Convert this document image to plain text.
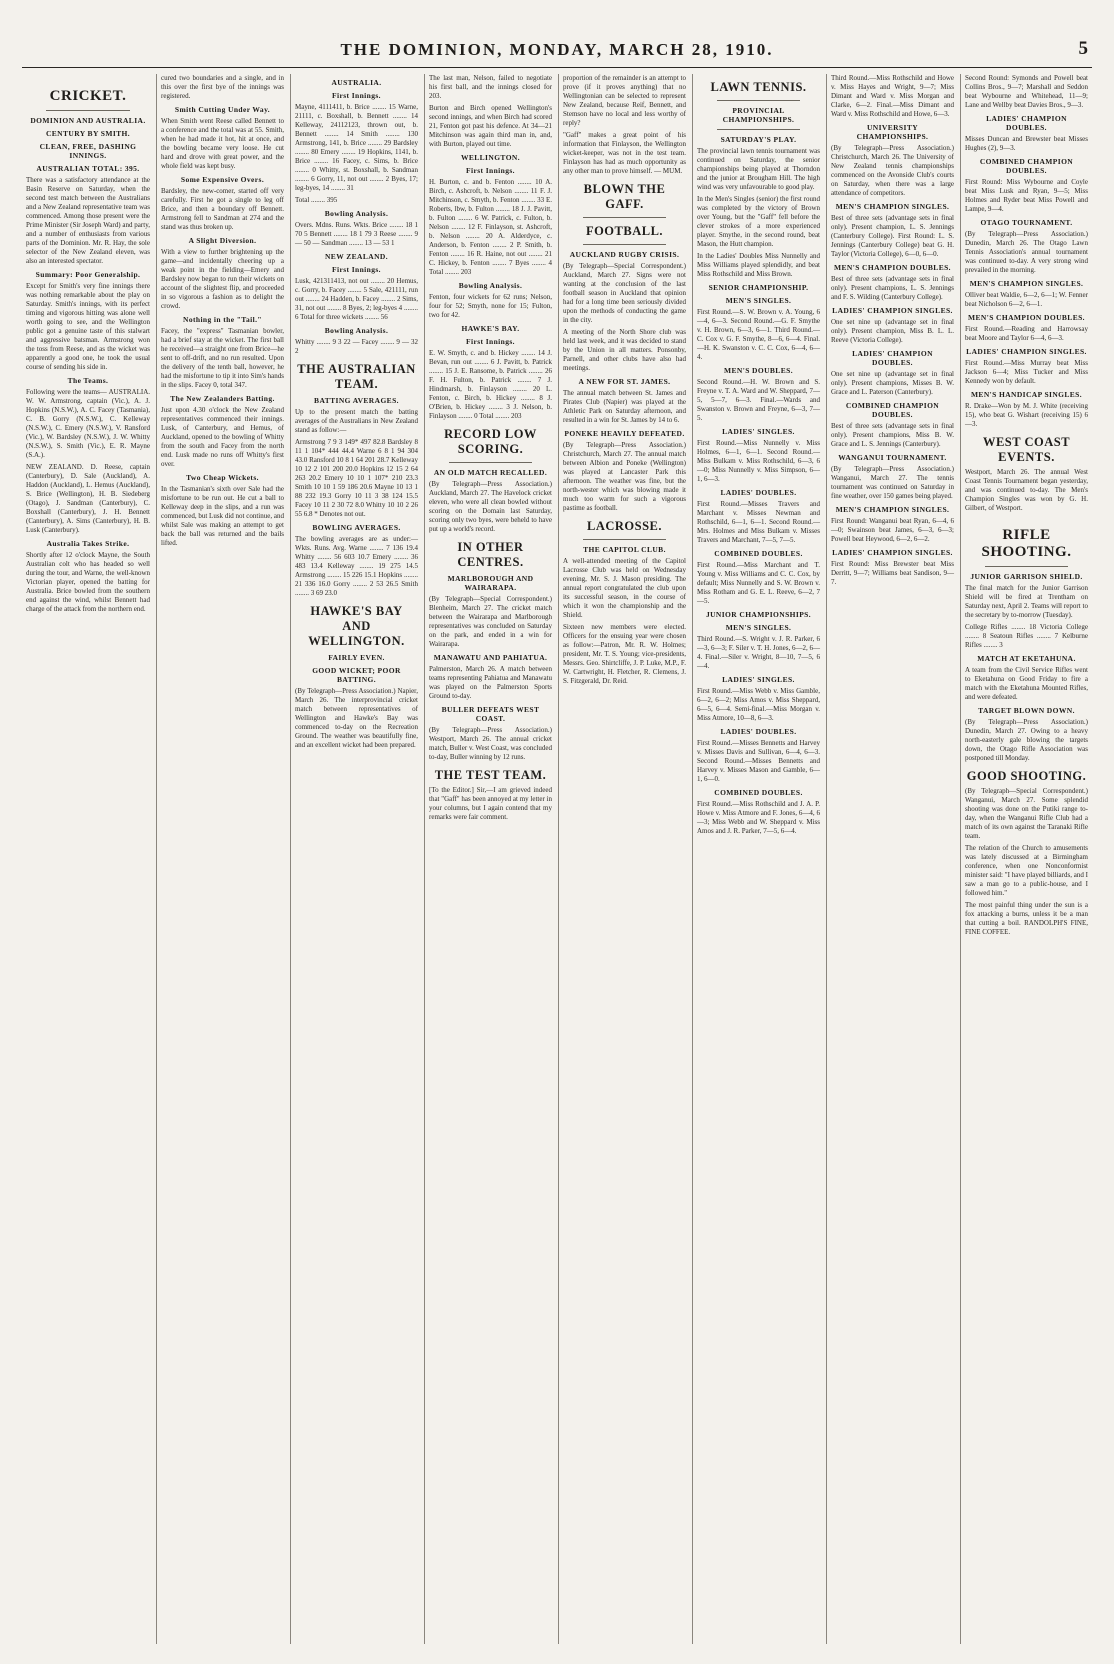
THE DOMINION, MONDAY, MARCH 28, 1910.	5
CRICKET.
DOMINION AND AUSTRALIA.
CENTURY BY SMITH.
CLEAN, FREE, DASHING INNINGS.
AUSTRALIAN TOTAL: 395.
There was a satisfactory attendance at the Basin Reserve on Saturday, when the second test match between the Australians and a New Zealand representative team was commenced. Among those present were the Prime Minister (Sir Joseph Ward) and party, and a number of enthusiasts from various parts of the Dominion. Mr. R. Hay, the sole selector of the New Zealand eleven, was also an interested spectator.
Summary: Poor Generalship.
Except for Smith's very fine innings there was nothing remarkable about the play on Saturday. Smith's innings, with its perfect timing and vigorous hitting was alone well worth going to see, and the Wellington public got a genuine taste of this stalwart and aggressive batsman. Armstrong won the toss from Reese, and as the wicket was apparently a good one, he took the usual course of sending his side in.
The Teams.
Following were the teams— AUSTRALIA. W. W. Armstrong, captain (Vic.), A. J. Hopkins (N.S.W.), A. C. Facey (Tasmania), C. B. Gorry (N.S.W.), C. Kelleway (N.S.W.), C. Emery (N.S.W.), V. Ransford (Vic.), W. Bardsley (N.S.W.), J. W. Whitty (N.S.W.), S. Smith (Vic.), E. R. Mayne (S.A.).
NEW ZEALAND. D. Reese, captain (Canterbury), D. Sale (Auckland), A. Haddon (Auckland), L. Hemus (Auckland), S. Brice (Wellington), H. B. Siedeberg (Otago), J. Sandman (Canterbury), C. Boxshall (Canterbury), J. H. Bennett (Canterbury), A. Sims (Canterbury), H. B. Lusk (Canterbury).
Australia Takes Strike.
Shortly after 12 o'clock Mayne, the South Australian colt who has headed so well during the tour, and Warne, the well-known Victorian player, opened the batting for Australia. Brice bowled from the southern end against the wind, whilst Bennett had charge of the attack from the northern end.
cured two boundaries and a single, and in this over the first bye of the innings was registered.
Smith Cutting Under Way.
When Smith went Reese called Bennett to a conference and the total was at 55. Smith, when he had made it hot, hit at once, and the bowling became very loose. He cut hard and drove with great power, and the whole field was kept busy.
Some Expensive Overs.
Bardsley, the new-comer, started off very carefully. First he got a single to leg off Brice, and then a boundary off Bennett. Armstrong fell to Sandman at 274 and the stand was thus broken up.
A Slight Diversion.
With a view to further brightening up the game—and incidentally cheering up a weak point in the fielding—Emery and Bardsley now began to run their wickets on account of the slightest flip, and proceeded in so vigorous a fashion as to delight the crowd.
Nothing in the "Tail."
Facey, the "express" Tasmanian bowler, had a brief stay at the wicket. The first ball he received—a straight one from Brice—he sent to off-drift, and no run resulted. Upon the delivery of the tenth ball, however, he had the misfortune to tip it into Sim's hands in the slips. Facey 0, total 347.
The New Zealanders Batting.
Just upon 4.30 o'clock the New Zealand representatives commenced their innings. Lusk, of Canterbury, and Hemus, of Auckland, opened to the bowling of Whitty from the south and Facey from the north end. Lusk made no runs off Whitty's first over.
Two Cheap Wickets.
In the Tasmanian's sixth over Sale had the misfortune to be run out. He cut a ball to Kelleway deep in the slips, and a run was commenced, but Lusk did not continue, and whilst Sale was making an attempt to get back the ball was returned and the bails lifted.
AUSTRALIA.
First Innings.
Mayne, 4111411, b. Brice ........ 15 Warne, 21111, c. Boxshall, b. Bennett ........ 14 Kelleway, 24112123, thrown out, b. Bennett ........ 14 Smith ........ 130 Armstrong, 141, b. Brice ........ 29 Bardsley ........ 80 Emery ........ 19 Hopkins, 1141, b. Brice ........ 16 Facey, c. Sims, b. Brice ........ 0 Whitty, st. Boxshall, b. Sandman ........ 6 Gorry, 11, not out ........ 2 Byes, 17; leg-byes, 14 ........ 31
Total ........ 395
Bowling Analysis.
Overs. Mdns. Runs. Wkts. Brice ........ 18 1 70 5 Bennett ........ 18 1 79 3 Reese ........ 9 — 50 — Sandman ........ 13 — 53 1
NEW ZEALAND.
First Innings.
Lusk, 421311413, not out ........ 20 Hemus, c. Gorry, b. Facey ........ 5 Sale, 421111, run out ........ 24 Hadden, b. Facey ........ 2 Sims, 31, not out ........ 8 Byes, 2; leg-byes 4 ........ 6 Total for three wickets ........ 56
Bowling Analysis.
Whitty ........ 9 3 22 — Facey ........ 9 — 32 2
THE AUSTRALIAN TEAM.
BATTING AVERAGES.
Up to the present match the batting averages of the Australians in New Zealand stand as follow:—
Armstrong 7 9 3 149* 497 82.8 Bardsley 8 11 1 104* 444 44.4 Warne 6 8 1 94 304 43.0 Ransford 10 8 1 64 201 28.7 Kelleway 10 12 2 101 200 20.0 Hopkins 12 15 2 64 263 20.2 Emery 10 10 1 107* 210 23.3 Smith 10 10 1 59 186 20.6 Mayne 10 13 1 88 232 19.3 Gorry 10 11 3 38 124 15.5 Facey 10 11 2 30 72 8.0 Whitty 10 10 2 26 55 6.8 * Denotes not out.
BOWLING AVERAGES.
The bowling averages are as under:— Wkts. Runs. Avg. Warne ........ 7 136 19.4 Whitty ........ 56 603 10.7 Emery ........ 36 483 13.4 Kelleway ........ 19 275 14.5 Armstrong ........ 15 226 15.1 Hopkins ........ 21 336 16.0 Gorry ........ 2 53 26.5 Smith ........ 3 69 23.0
HAWKE'S BAY AND WELLINGTON.
FAIRLY EVEN.
GOOD WICKET; POOR BATTING.
(By Telegraph—Press Association.) Napier, March 26. The interprovincial cricket match between representatives of Wellington and Hawke's Bay was commenced to-day on the Recreation Ground. The weather was beautifully fine, and an excellent wicket had been prepared.
The last man, Nelson, failed to negotiate his first ball, and the innings closed for 203.
Burton and Birch opened Wellington's second innings, and when Birch had scored 21, Fenton got past his defence. At 34—21 Mitchinson was again third man in, and, with Burton, played out time.
WELLINGTON.
First Innings.
H. Burton, c. and b. Fenton ........ 10 A. Birch, c. Ashcroft, b. Nelson ........ 11 F. J. Mitchinson, c. Smyth, b. Fenton ........ 33 E. Roberts, lbw, b. Fulton ........ 18 J. J. Pavitt, b. Fulton ........ 6 W. Patrick, c. Fulton, b. Nelson ........ 12 F. Finlayson, st. Ashcroft, b. Nelson ........ 20 A. Alderdyce, c. Anderson, b. Fenton ........ 2 P. Smith, b. Fenton ........ 16 R. Haine, not out ........ 21 C. Hickey, b. Fenton ........ 7 Byes ........ 4 Total ........ 203
Bowling Analysis.
Fenton, four wickets for 62 runs; Nelson, four for 52; Smyth, none for 15; Fulton, two for 42.
HAWKE'S BAY.
First Innings.
E. W. Smyth, c. and b. Hickey ........ 14 J. Bevan, run out ........ 6 J. Pavitt, b. Patrick ........ 15 J. E. Ransome, b. Patrick ........ 26 F. H. Fulton, b. Patrick ........ 7 J. Hindmarsh, b. Finlayson ........ 20 L. Fenton, c. Birch, b. Hickey ........ 8 J. O'Brien, b. Hickey ........ 3 J. Nelson, b. Finlayson ........ 0 Total ........ 203
RECORD LOW SCORING.
AN OLD MATCH RECALLED.
(By Telegraph—Press Association.) Auckland, March 27. The Havelock cricket eleven, who were all clean bowled without scoring on the Domain last Saturday, scoring only two byes, were beheld to have put up a world's record.
IN OTHER CENTRES.
MARLBOROUGH AND WAIRARAPA.
(By Telegraph—Special Correspondent.) Blenheim, March 27. The cricket match between the Wairarapa and Marlborough representatives was concluded on Saturday on the park, and ended in a win for Wairarapa.
MANAWATU AND PAHIATUA.
Palmerston, March 26. A match between teams representing Pahiatua and Manawatu was played on the Palmerston Sports Ground to-day.
BULLER DEFEATS WEST COAST.
(By Telegraph—Press Association.) Westport, March 26. The annual cricket match, Buller v. West Coast, was concluded to-day, Buller winning by 12 runs.
THE TEST TEAM.
[To the Editor.] Sir,—I am grieved indeed that "Gaff" has been annoyed at my letter in your columns, but I again contend that my remarks were fair comment.
proportion of the remainder is an attempt to prove (if it proves anything) that no Wellingtonian can be selected to represent New Zealand, because Reif, Bennett, and Stemson have no local and less worthy of reply?
"Gaff" makes a great point of his information that Finlayson, the Wellington wicket-keeper, was not in the test team. Finlayson has had as much opportunity as any other man to prove himself. — MUM.
BLOWN THE GAFF.
FOOTBALL.
AUCKLAND RUGBY CRISIS.
(By Telegraph—Special Correspondent.) Auckland, March 27. Signs were not wanting at the conclusion of the last football season in Auckland that opinion had for a long time been seriously divided upon the methods of conducting the game in the city.
A meeting of the North Shore club was held last week, and it was decided to stand by the Union in all matters. Ponsonby, Parnell, and other clubs have also had meetings.
A NEW FOR ST. JAMES.
The annual match between St. James and Pirates Club (Napier) was played at the Athletic Park on Saturday afternoon, and resulted in a win for St. James by 14 to 6.
PONEKE HEAVILY DEFEATED.
(By Telegraph—Press Association.) Christchurch, March 27. The annual match between Albion and Poneke (Wellington) was played at Lancaster Park this afternoon. The weather was fine, but the north-wester which was blowing made it much too warm for such a vigorous pastime as football.
LACROSSE.
THE CAPITOL CLUB.
A well-attended meeting of the Capitol Lacrosse Club was held on Wednesday evening, Mr. S. J. Mason presiding. The annual report congratulated the club upon its successful season, in the course of which it won the championship and the Shield.
Sixteen new members were elected. Officers for the ensuing year were chosen as follow:—Patron, Mr. R. W. Holmes; president, Mr. T. S. Young; vice-presidents, Messrs. Geo. Shirtcliffe, J. P. Luke, M.P., F. W. Cartwright, H. Fletcher, R. Clemens, J. S. Fitzgerald, Dr. Reid.
LAWN TENNIS.
PROVINCIAL CHAMPIONSHIPS.
SATURDAY'S PLAY.
The provincial lawn tennis tournament was continued on Saturday, the senior championships being played at Thorndon and the junior at Brougham Hill. The high wind was very unfavourable to good play.
In the Men's Singles (senior) the first round was completed by the victory of Brown over Young, but the "Gaff" fell before the clever strokes of a more experienced player. Smythe, in the second round, beat Mason, the Hutt champion.
In the Ladies' Doubles Miss Nunnelly and Miss Williams played splendidly, and beat Miss Rothschild and Miss Brown.
SENIOR CHAMPIONSHIP.
MEN'S SINGLES.
First Round.—S. W. Brown v. A. Young, 6—4, 6—3. Second Round.—G. F. Smythe v. H. Brown, 6—3, 6—1. Third Round.—C. Cox v. G. F. Smythe, 8—6, 6—4. Final.—H. K. Swanston v. C. C. Cox, 6—4, 6—4.
MEN'S DOUBLES.
Second Round.—H. W. Brown and S. Freyne v. T. A. Ward and W. Sheppard, 7—5, 5—7, 6—3. Final.—Wards and Swanston v. Brown and Freyne, 6—3, 7—5.
LADIES' SINGLES.
First Round.—Miss Nunnelly v. Miss Holmes, 6—1, 6—1. Second Round.—Miss Bulkam v. Miss Rothschild, 6—3, 6—0; Miss Nunnelly v. Miss Simpson, 6—1, 6—3.
LADIES' DOUBLES.
First Round.—Misses Travers and Marchant v. Misses Newman and Rothschild, 6—1, 6—1. Second Round.—Mrs. Holmes and Miss Bulkam v. Misses Travers and Marchant, 7—5, 7—5.
COMBINED DOUBLES.
First Round.—Miss Marchant and T. Young v. Miss Williams and C. C. Cox, by default; Miss Nunnelly and S. W. Brown v. Miss Rotham and G. E. L. Reeve, 6—2, 7—5.
JUNIOR CHAMPIONSHIPS.
MEN'S SINGLES.
Third Round.—S. Wright v. J. R. Parker, 6—3, 6—3; F. Siler v. T. H. Jones, 6—2, 6—4. Final.—Siler v. Wright, 8—10, 7—5, 6—4.
LADIES' SINGLES.
First Round.—Miss Webb v. Miss Gamble, 6—2, 6—2; Miss Amos v. Miss Sheppard, 6—5, 6—4. Semi-final.—Miss Morgan v. Miss Atmore, 10—8, 6—3.
LADIES' DOUBLES.
First Round.—Misses Bennetts and Harvey v. Misses Davis and Sullivan, 6—4, 6—3. Second Round.—Misses Bennetts and Harvey v. Misses Mason and Gamble, 6—1, 6—0.
COMBINED DOUBLES.
First Round.—Miss Rothschild and J. A. P. Howe v. Miss Atmore and F. Jones, 6—4, 6—3; Miss Webb and W. Sheppard v. Miss Amos and J. R. Parker, 7—5, 6—4.
Third Round.—Miss Rothschild and Howe v. Miss Hayes and Wright, 9—7; Miss Dimant and Ward v. Miss Morgan and Clarke, 6—2. Final.—Miss Dimant and Ward v. Miss Rothschild and Howe, 6—3.
UNIVERSITY CHAMPIONSHIPS.
(By Telegraph—Press Association.) Christchurch, March 26. The University of New Zealand tennis championships commenced on the Avonside Club's courts on Saturday, when there was a large attendance of competitors.
MEN'S CHAMPION SINGLES.
Best of three sets (advantage sets in final only). Present champion, L. S. Jennings (Canterbury College). First Round: L. S. Jennings (Canterbury College) beat G. H. Taylor (Victoria College), 6—0, 6—0.
MEN'S CHAMPION DOUBLES.
Best of three sets (advantage sets in final only). Present champions, L. S. Jennings and F. S. Wilding (Canterbury College).
LADIES' CHAMPION SINGLES.
One set nine up (advantage set in final only). Present champion, Miss B. L. L. Reeve (Victoria College).
LADIES' CHAMPION DOUBLES.
One set nine up (advantage set in final only). Present champions, Misses B. W. Grace and L. Paterson (Canterbury).
COMBINED CHAMPION DOUBLES.
Best of three sets (advantage sets in final only). Present champions, Miss B. W. Grace and L. S. Jennings (Canterbury).
WANGANUI TOURNAMENT.
(By Telegraph—Press Association.) Wanganui, March 27. The tennis tournament was continued on Saturday in fine weather, over 150 games being played.
MEN'S CHAMPION SINGLES.
First Round: Wanganui beat Ryan, 6—4, 6—0; Swainson beat James, 6—3, 6—3; Powell beat Heywood, 6—2, 6—2.
LADIES' CHAMPION SINGLES.
First Round: Miss Brewster beat Miss Derritt, 9—7; Williams beat Sandison, 9—7.
Second Round: Symonds and Powell beat Collins Bros., 9—7; Marshall and Seddon beat Wybourne and Whitehead, 11—9; Lane and Wellby beat Davies Bros., 9—3.
LADIES' CHAMPION DOUBLES.
Misses Duncan and Brewster beat Misses Hughes (2), 9—3.
COMBINED CHAMPION DOUBLES.
First Round: Miss Wybourne and Coyle beat Miss Lusk and Ryan, 9—5; Miss Holmes and Ryder beat Miss Powell and Lampe, 9—4.
OTAGO TOURNAMENT.
(By Telegraph—Press Association.) Dunedin, March 26. The Otago Lawn Tennis Association's annual tournament was continued to-day. A very strong wind prevailed in the morning.
MEN'S CHAMPION SINGLES.
Olliver beat Waldie, 6—2, 6—1; W. Fenner beat Nicholson 6—2, 6—1.
MEN'S CHAMPION DOUBLES.
First Round.—Reading and Harrowsay beat Moore and Taylor 6—4, 6—3.
LADIES' CHAMPION SINGLES.
First Round.—Miss Murray beat Miss Jackson 6—4; Miss Tucker and Miss Kennedy won by default.
MEN'S HANDICAP SINGLES.
R. Drake—Won by M. J. White (receiving 15), who beat G. Wishart (receiving 15) 6—3.
WEST COAST EVENTS.
Westport, March 26. The annual West Coast Tennis Tournament began yesterday, and was continued to-day. The Men's Champion Singles was won by G. H. Gilbert, of Westport.
RIFLE SHOOTING.
JUNIOR GARRISON SHIELD.
The final match for the Junior Garrison Shield will be fired at Trentham on Saturday next, April 2. Teams will report to the secretary by to-morrow (Tuesday).
College Rifles ........ 18 Victoria College ........ 8 Seatoun Rifles ........ 7 Kelburne Rifles ........ 3
MATCH AT EKETAHUNA.
A team from the Civil Service Rifles went to Eketahuna on Good Friday to fire a match with the Eketahuna Mounted Rifles, and were defeated.
TARGET BLOWN DOWN.
(By Telegraph—Press Association.) Dunedin, March 27. Owing to a heavy north-easterly gale blowing the targets down, the Otago Rifle Association was postponed till Monday.
GOOD SHOOTING.
(By Telegraph—Special Correspondent.) Wanganui, March 27. Some splendid shooting was done on the Putiki range to-day, when the Wanganui Rifle Club had a match of its own against the Taranaki Rifle team.
The relation of the Church to amusements was lately discussed at a Birmingham conference, when one Nonconformist minister said: "I have played billiards, and I saw a man go to a public-house, and I followed him."
The most painful thing under the sun is a fox attacking a burns, unless it be a man that cutting a boil. RANDOLPH'S FINE, FINE COFFEE.
